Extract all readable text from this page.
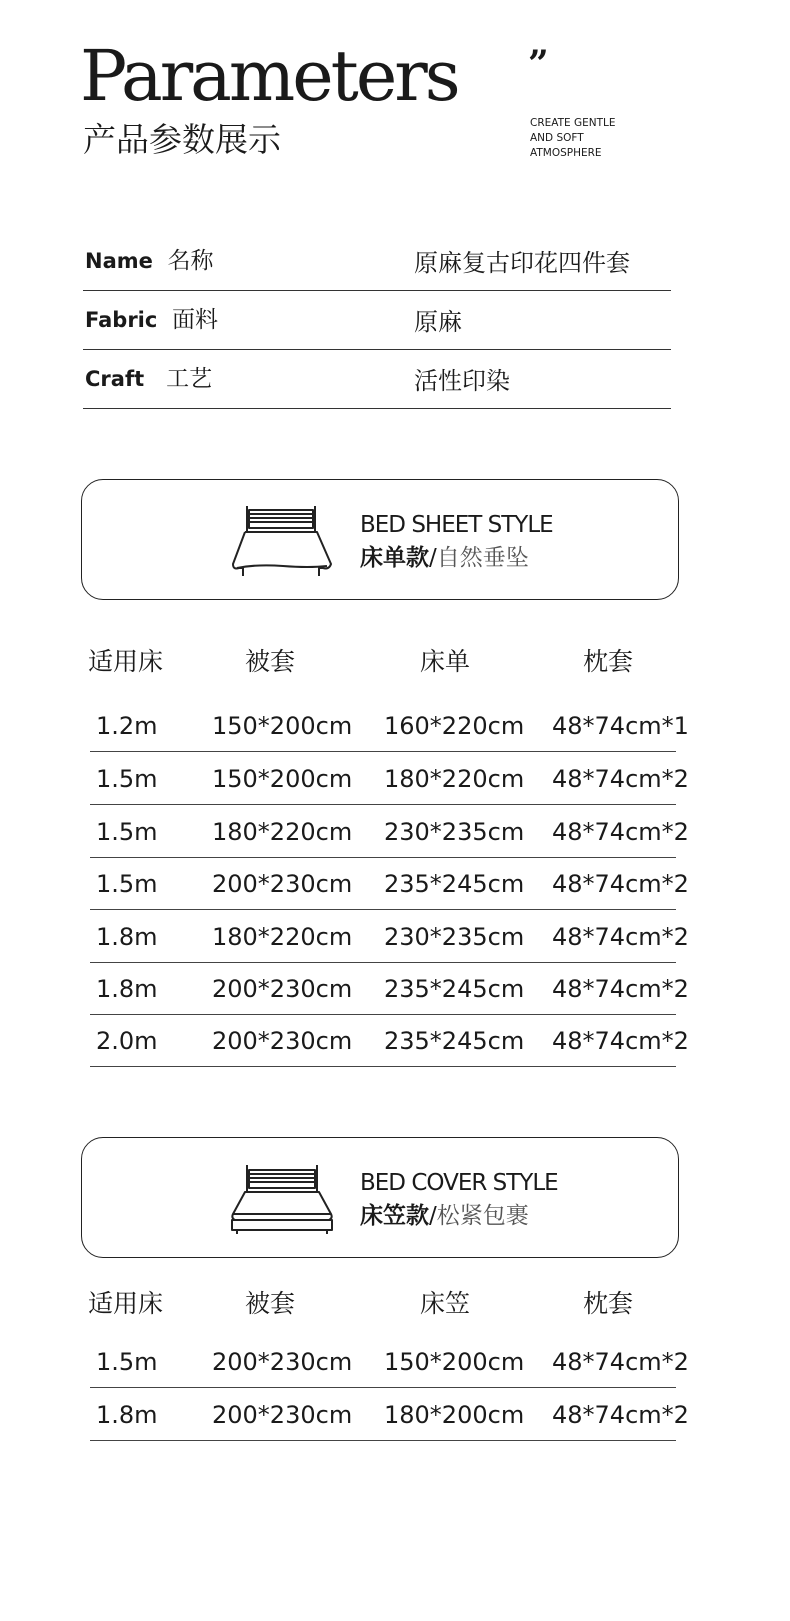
Parameters
产品参数展示
”
CREATE GENTLE
AND SOFT
ATMOSPHERE
Name 名称	原麻复古印花四件套
Fabric 面料	原麻
Craft 工艺	活性印染
BED SHEET STYLE
床单款/自然垂坠
适用床	被套	床单	枕套
1.2m 150*200cm 160*220cm 48*74cm*1
1.5m 150*200cm 180*220cm 48*74cm*2
1.5m 180*220cm 230*235cm 48*74cm*2
1.5m 200*230cm 235*245cm 48*74cm*2
1.8m 180*220cm 230*235cm 48*74cm*2
1.8m 200*230cm 235*245cm 48*74cm*2
2.0m 200*230cm 235*245cm 48*74cm*2
BED COVER STYLE
床笠款/松紧包裹
适用床	被套	床笠	枕套
1.5m 200*230cm 150*200cm 48*74cm*2
1.8m 200*230cm 180*200cm 48*74cm*2
